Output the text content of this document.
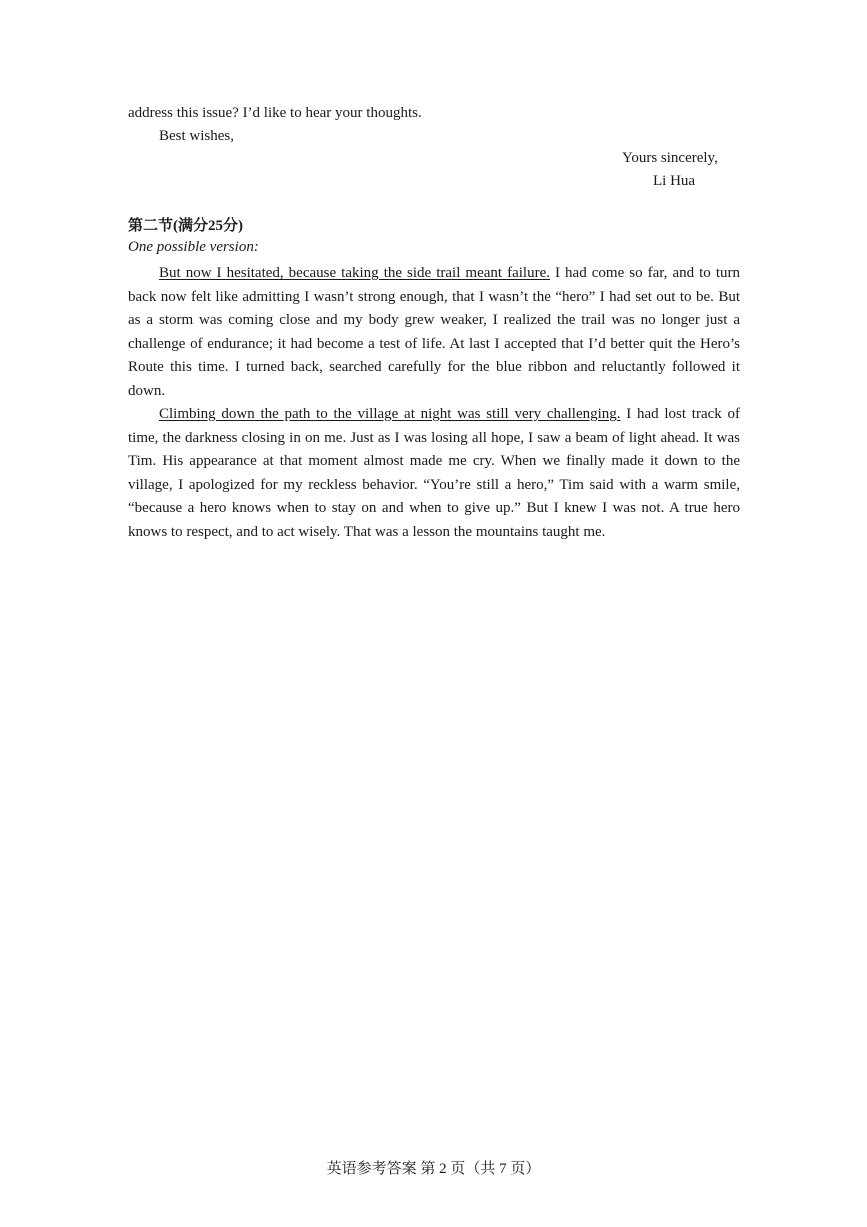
address this issue? I’d like to hear your thoughts.
Best wishes,
Yours sincerely,
Li Hua
第二节(满分25分)
One possible version:
But now I hesitated, because taking the side trail meant failure. I had come so far, and to turn back now felt like admitting I wasn’t strong enough, that I wasn’t the “hero” I had set out to be. But as a storm was coming close and my body grew weaker, I realized the trail was no longer just a challenge of endurance; it had become a test of life. At last I accepted that I’d better quit the Hero’s Route this time. I turned back, searched carefully for the blue ribbon and reluctantly followed it down.
Climbing down the path to the village at night was still very challenging. I had lost track of time, the darkness closing in on me. Just as I was losing all hope, I saw a beam of light ahead. It was Tim. His appearance at that moment almost made me cry. When we finally made it down to the village, I apologized for my reckless behavior. “You’re still a hero,” Tim said with a warm smile, “because a hero knows when to stay on and when to give up.” But I knew I was not. A true hero knows to respect, and to act wisely. That was a lesson the mountains taught me.
英语参考答案 第 2 页（共 7 页）
